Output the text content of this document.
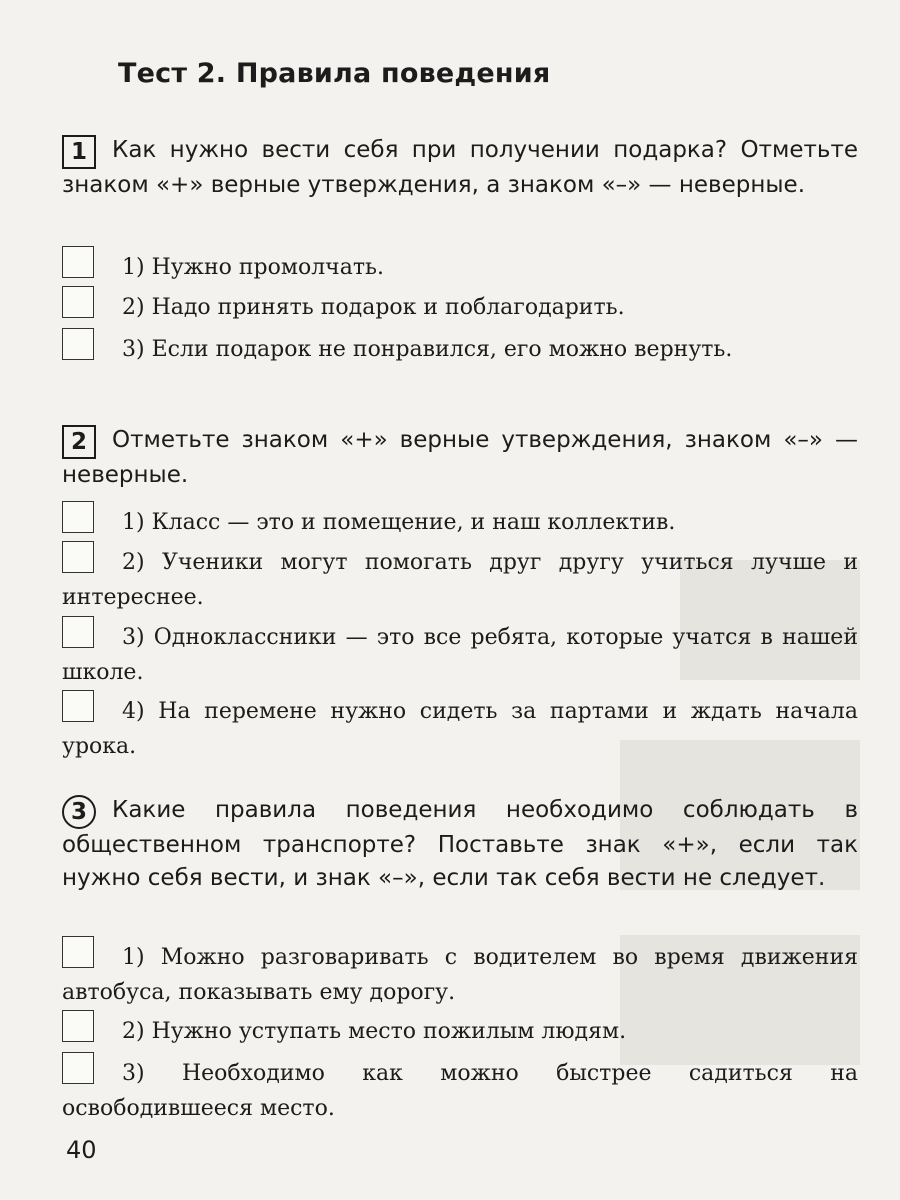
Тест 2. Правила поведения
1 Как нужно вести себя при получении подарка? Отметьте знаком «+» верные утверждения, а знаком «–» — неверные.
1) Нужно промолчать.
2) Надо принять подарок и поблагодарить.
3) Если подарок не понравился, его можно вернуть.
2 Отметьте знаком «+» верные утверждения, знаком «–» — неверные.
1) Класс — это и помещение, и наш коллектив.
2) Ученики могут помогать друг другу учиться лучше и интереснее.
3) Одноклассники — это все ребята, которые учатся в нашей школе.
4) На перемене нужно сидеть за партами и ждать начала урока.
3 Какие правила поведения необходимо соблюдать в общественном транспорте? Поставьте знак «+», если так нужно себя вести, и знак «–», если так себя вести не следует.
1) Можно разговаривать с водителем во время движения автобуса, показывать ему дорогу.
2) Нужно уступать место пожилым людям.
3) Необходимо как можно быстрее садиться на освободившееся место.
40
